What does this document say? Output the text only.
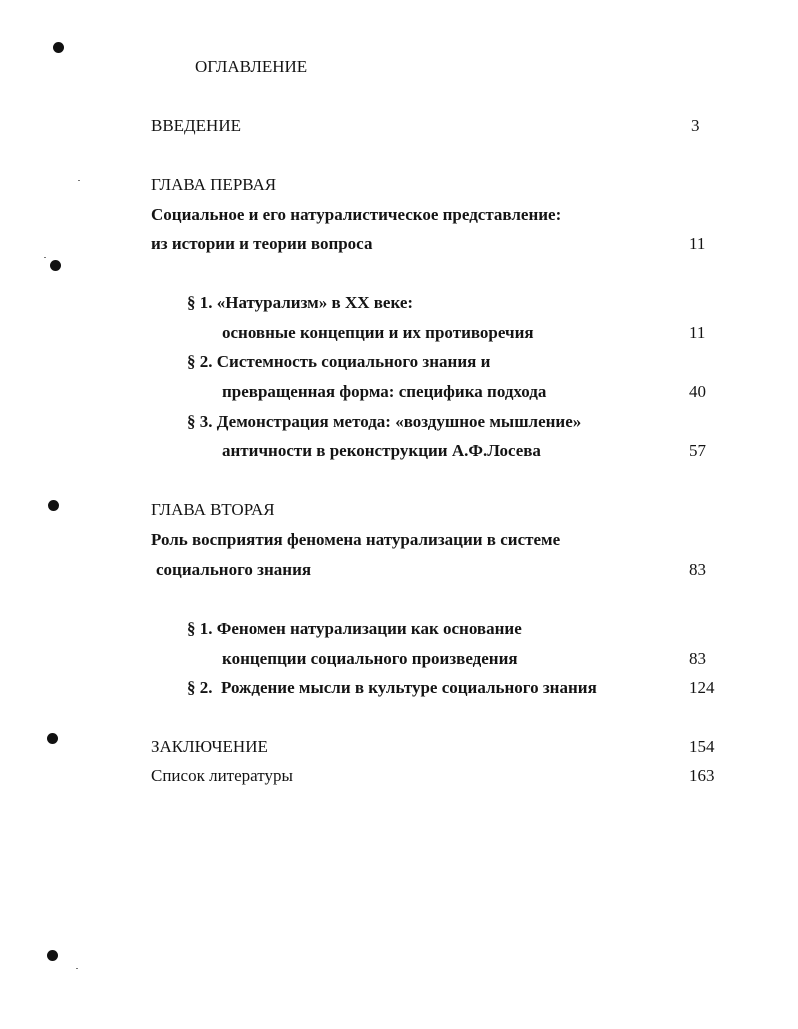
ОГЛАВЛЕНИЕ
ВВЕДЕНИЕ	3
ГЛАВА ПЕРВАЯ
Социальное и его натуралистическое представление:
из истории и теории вопроса	11
§ 1. «Натурализм» в XX веке:
основные концепции и их противоречия	11
§ 2. Системность социального знания и
превращенная форма: специфика подхода	40
§ 3. Демонстрация метода: «воздушное мышление»
античности в реконструкции А.Ф.Лосева	57
ГЛАВА ВТОРАЯ
Роль восприятия феномена натурализации в системе
социального знания	83
§ 1. Феномен натурализации как основание
концепции социального произведения	83
§ 2.  Рождение мысли в культуре социального знания	124
ЗАКЛЮЧЕНИЕ	154
Список литературы	163
